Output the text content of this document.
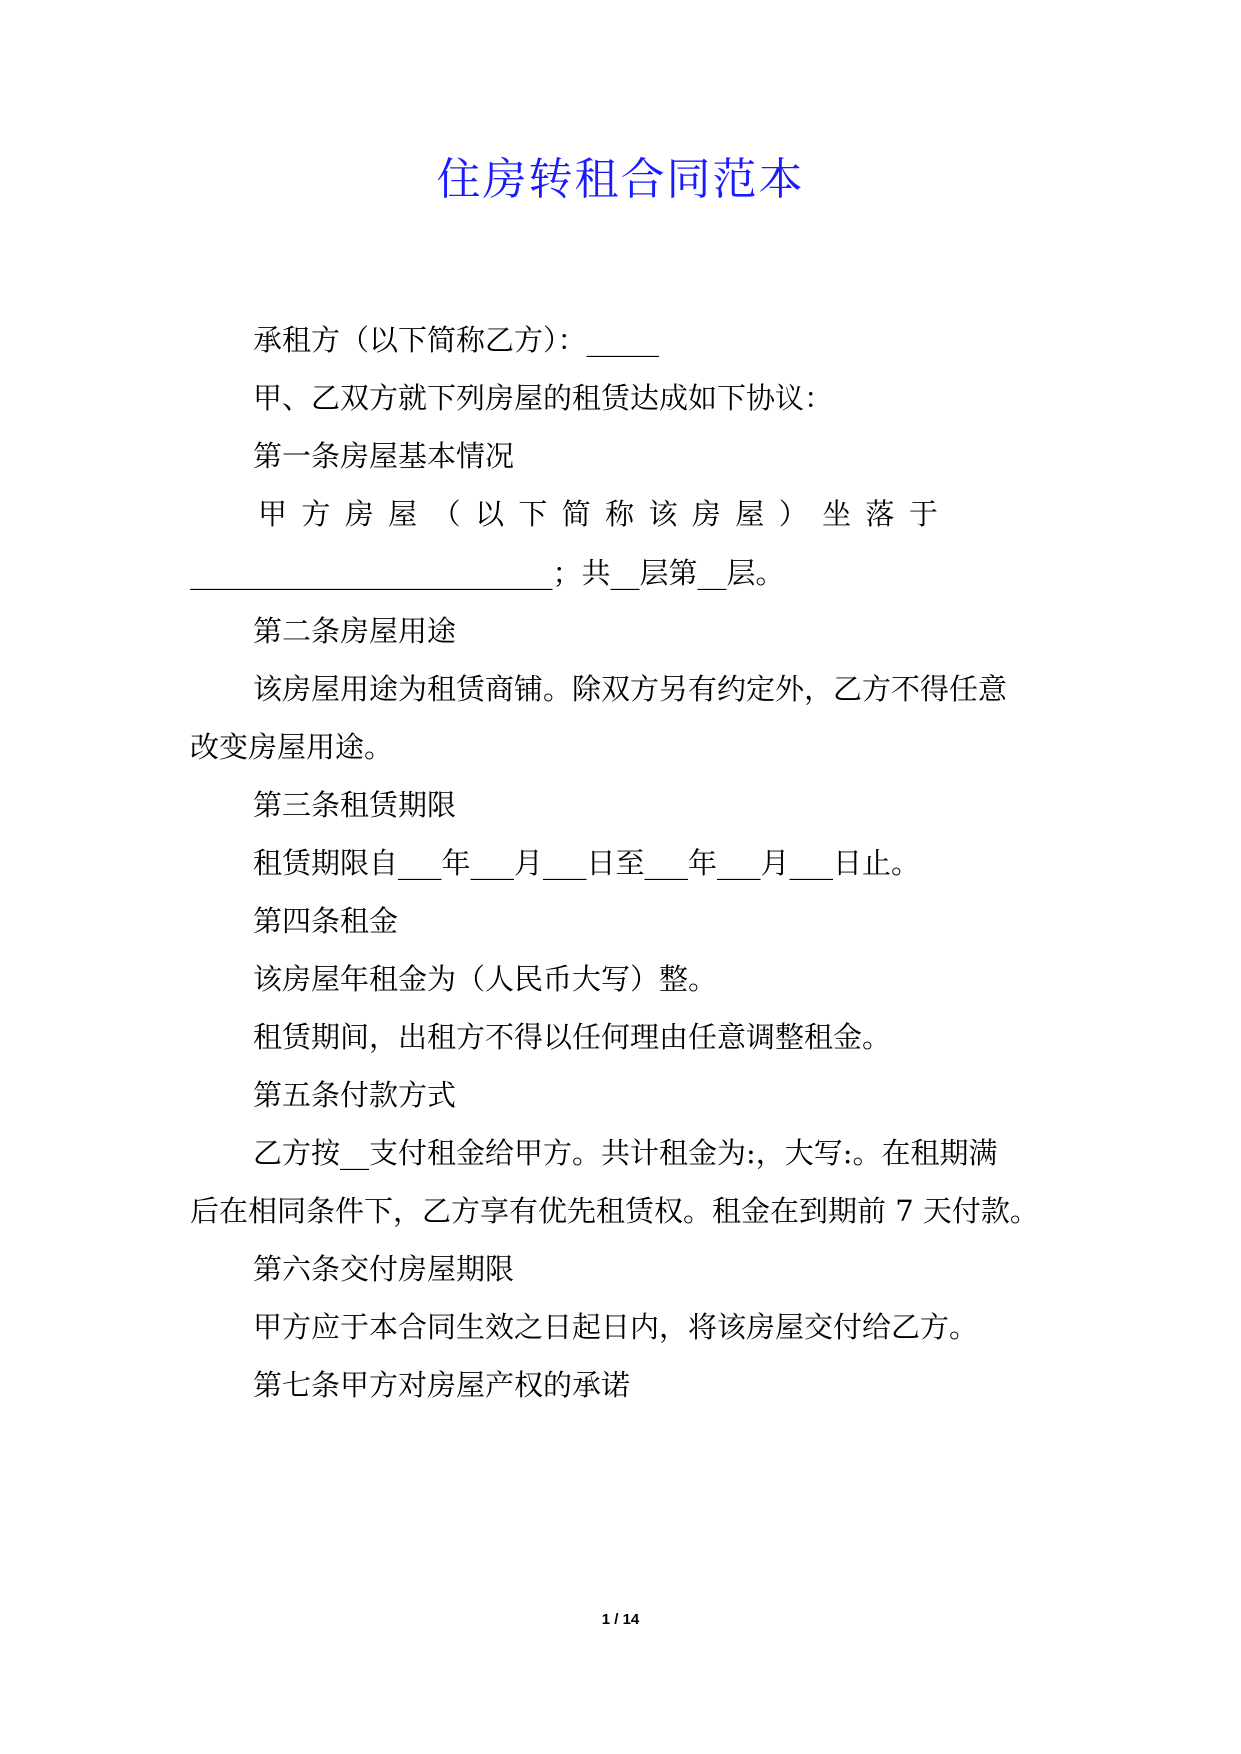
住房转租合同范本
承租方（以下简称乙方）：_____
甲、乙双方就下列房屋的租赁达成如下协议：
第一条房屋基本情况
甲 方 房 屋 （ 以 下 简 称 该 房 屋 ） 坐 落 于
_________________________；共__层第__层。
第二条房屋用途
该房屋用途为租赁商铺。除双方另有约定外，乙方不得任意
改变房屋用途。
第三条租赁期限
租赁期限自___年___月___日至___年___月___日止。
第四条租金
该房屋年租金为（人民币大写）整。
租赁期间，出租方不得以任何理由任意调整租金。
第五条付款方式
乙方按__支付租金给甲方。共计租金为:，大写:。在租期满
后在相同条件下，乙方享有优先租赁权。租金在到期前 7 天付款。
第六条交付房屋期限
甲方应于本合同生效之日起日内，将该房屋交付给乙方。
第七条甲方对房屋产权的承诺
1 / 14
